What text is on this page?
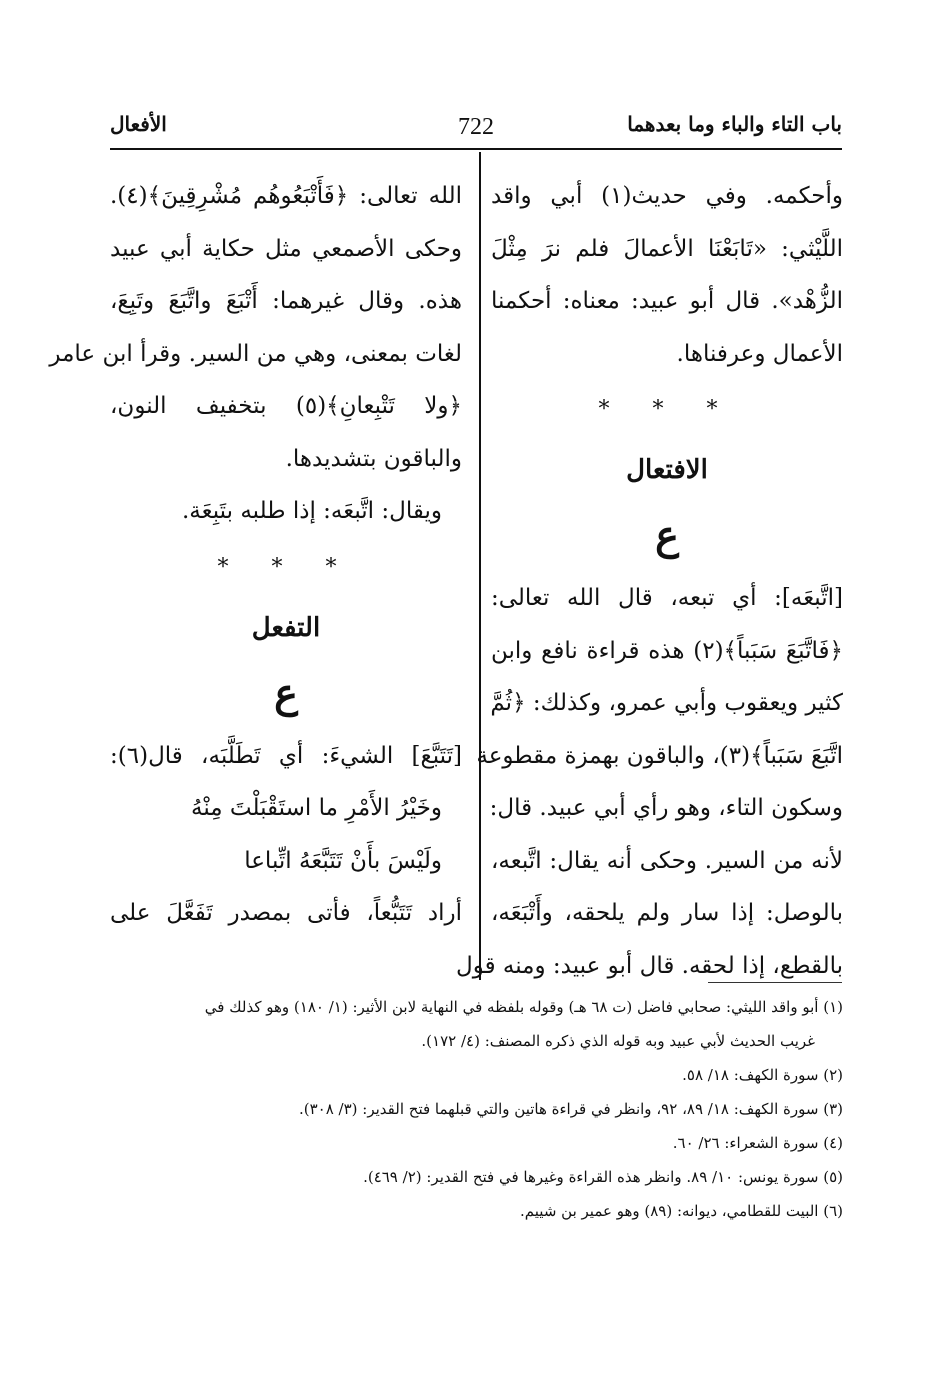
باب التاء والباء وما بعدهما
722
الأفعال
وأحكمه. وفي حديث(١) أبي واقد
اللَّيْثي: «تَابَعْنَا الأعمالَ فلم نرَ مِثْلَ
الزُّهْد». قال أبو عبيد: معناه: أحكمنا
الأعمال وعرفناها.
* * *
الافتعال
ع
[اتَّبعَه]: أي تبعه، قال الله تعالى:
﴿فَاتَّبَعَ سَبَباً﴾(٢) هذه قراءة نافع وابن
كثير ويعقوب وأبي عمرو، وكذلك: ﴿ثُمَّ
اتَّبَعَ سَبَباً﴾(٣)، والباقون بهمزة مقطوعة
وسكون التاء، وهو رأي أبي عبيد. قال:
لأنه من السير. وحكى أنه يقال: اتَّبعه،
بالوصل: إذا سار ولم يلحقه، وأَتْبَعَه،
بالقطع، إذا لحقه. قال أبو عبيد: ومنه قول
الله تعالى: ﴿فَأَتْبَعُوهُم مُشْرِقِينَ﴾(٤).
وحكى الأصمعي مثل حكاية أبي عبيد
هذه. وقال غيرهما: أَتْبَعَ واتَّبَعَ وتَبِعَ،
لغات بمعنى، وهي من السير. وقرأ ابن عامر
﴿ولا تَتْبِعانِ﴾(٥) بتخفيف النون،
والباقون بتشديدها.
ويقال: اتَّبعَه: إذا طلبه بتَبِعَة.
* * *
التفعل
ع
[تَتَبَّعَ] الشيءَ: أي تَطَلَّبَه، قال(٦):
وخَيْرُ الأَمْرِ ما استَقْبَلْتَ مِنْهُ
ولَيْسَ بأَنْ تَتَبَّعَهُ اتِّباعا
أراد تَتَبُّعاً، فأتى بمصدر تَفَعَّلَ على
(١) أبو واقد الليثي: صحابي فاضل (ت ٦٨ هـ) وقوله بلفظه في النهاية لابن الأثير: (١/ ١٨٠) وهو كذلك في
غريب الحديث لأبي عبيد وبه قوله الذي ذكره المصنف: (٤/ ١٧٢).
(٢) سورة الكهف: ١٨/ ٥٨.
(٣) سورة الكهف: ١٨/ ٨٩، ٩٢، وانظر في قراءة هاتين والتي قبلهما فتح القدير: (٣/ ٣٠٨).
(٤) سورة الشعراء: ٢٦/ ٦٠.
(٥) سورة يونس: ١٠/ ٨٩. وانظر هذه القراءة وغيرها في فتح القدير: (٢/ ٤٦٩).
(٦) البيت للقطامي، ديوانه: (٨٩) وهو عمير بن شييم.
